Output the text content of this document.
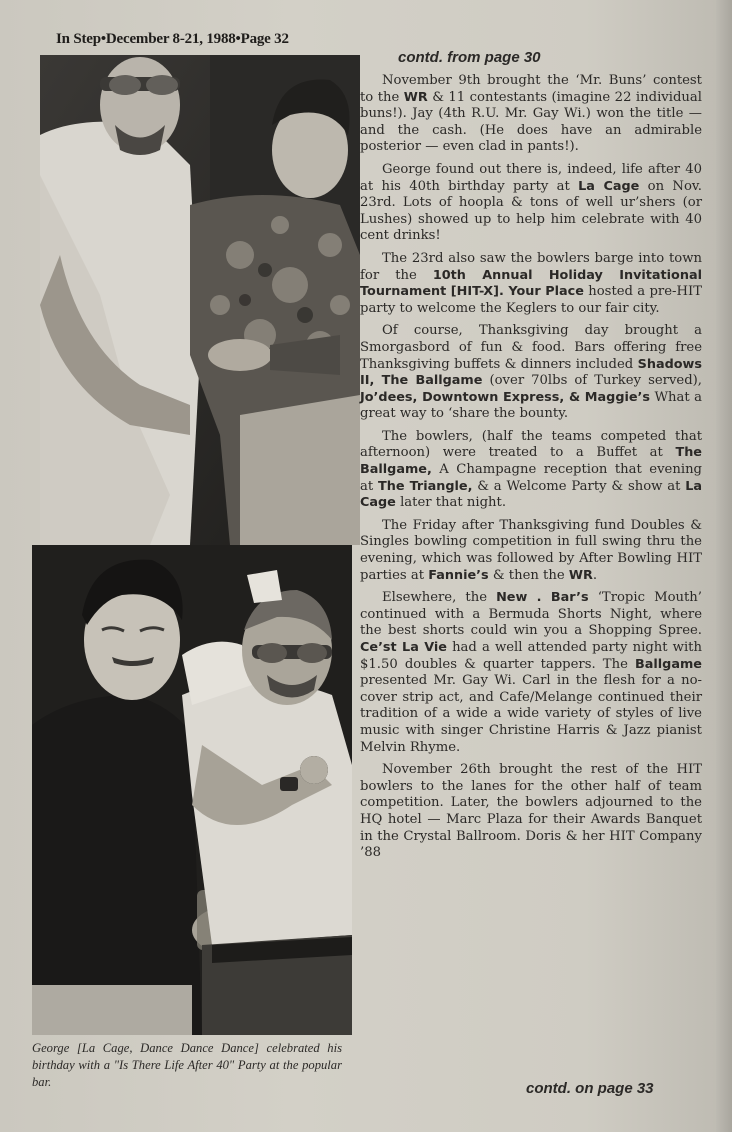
In Step•December 8-21, 1988•Page 32
George [La Cage, Dance Dance Dance] celebrated his birthday with a "Is There Life After 40" Party at the popular bar.
contd. from page 30

November 9th brought the ‘Mr. Buns’ contest to the WR & 11 contestants (imagine 22 individual buns!). Jay (4th R.U. Mr. Gay Wi.) won the title — and the cash. (He does have an admirable posterior — even clad in pants!).

George found out there is, indeed, life after 40 at his 40th birthday party at La Cage on Nov. 23rd. Lots of hoopla & tons of well ur’shers (or Lushes) showed up to help him celebrate with 40 cent drinks!

The 23rd also saw the bowlers barge into town for the 10th Annual Holiday Invitational Tournament [HIT-X]. Your Place hosted a pre-HIT party to welcome the Keglers to our fair city.

Of course, Thanksgiving day brought a Smorgasbord of fun & food. Bars offering free Thanksgiving buffets & dinners included Shadows II, The Ballgame (over 70lbs of Turkey served), Jo’dees, Downtown Express, & Maggie’s What a great way to ‘share the bounty.

The bowlers, (half the teams competed that afternoon) were treated to a Buffet at The Ballgame, A Champagne reception that evening at The Triangle, & a Welcome Party & show at La Cage later that night.

The Friday after Thanksgiving fund Doubles & Singles bowling competition in full swing thru the evening, which was followed by After Bowling HIT parties at Fannie’s & then the WR.

Elsewhere, the New . Bar’s ‘Tropic Mouth’ continued with a Bermuda Shorts Night, where the best shorts could win you a Shopping Spree. Ce’st La Vie had a well attended party night with $1.50 doubles & quarter tappers. The Ballgame presented Mr. Gay Wi. Carl in the flesh for a no-cover strip act, and Cafe/Melange continued their tradition of a wide a wide variety of styles of live music with singer Christine Harris & Jazz pianist Melvin Rhyme.

November 26th brought the rest of the HIT bowlers to the lanes for the other half of team competition. Later, the bowlers adjourned to the HQ hotel — Marc Plaza for their Awards Banquet in the Crystal Ballroom. Doris & her HIT Company ’88

contd. on page 33
